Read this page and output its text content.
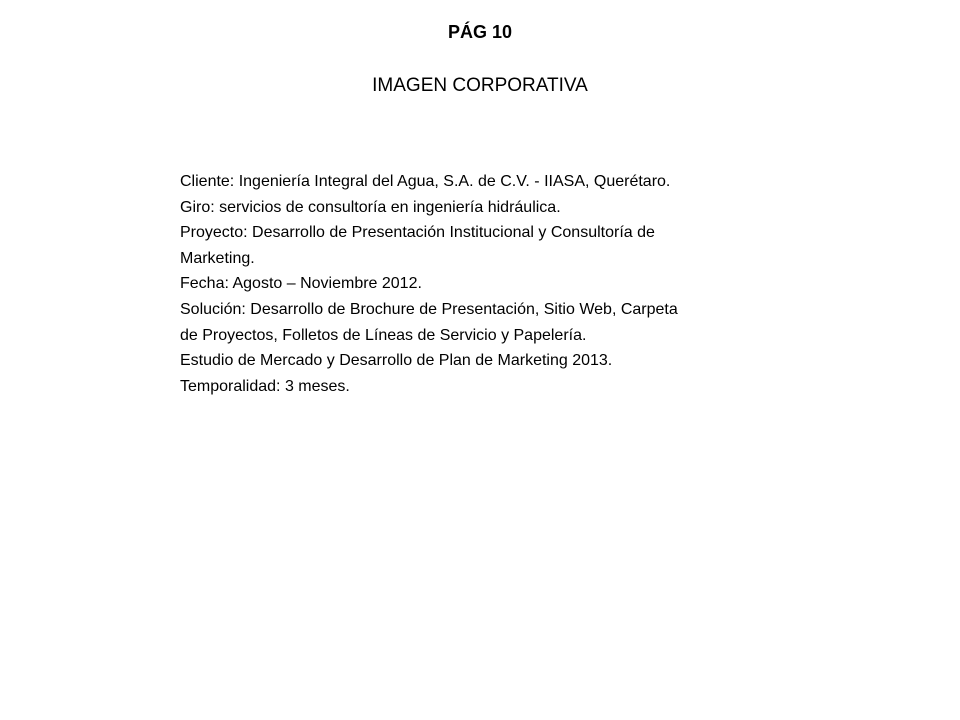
PÁG 10
IMAGEN CORPORATIVA

Cliente: Ingeniería Integral del Agua, S.A. de C.V. - IIASA, Querétaro.

Giro: servicios de consultoría en ingeniería hidráulica.

Proyecto: Desarrollo de Presentación Institucional y Consultoría de

Marketing.

Fecha: Agosto – Noviembre 2012.

Solución: Desarrollo de Brochure de Presentación, Sitio Web, Carpeta

de Proyectos, Folletos de Líneas de Servicio y Papelería.

Estudio de Mercado y Desarrollo de Plan de Marketing 2013.

Temporalidad: 3 meses.
